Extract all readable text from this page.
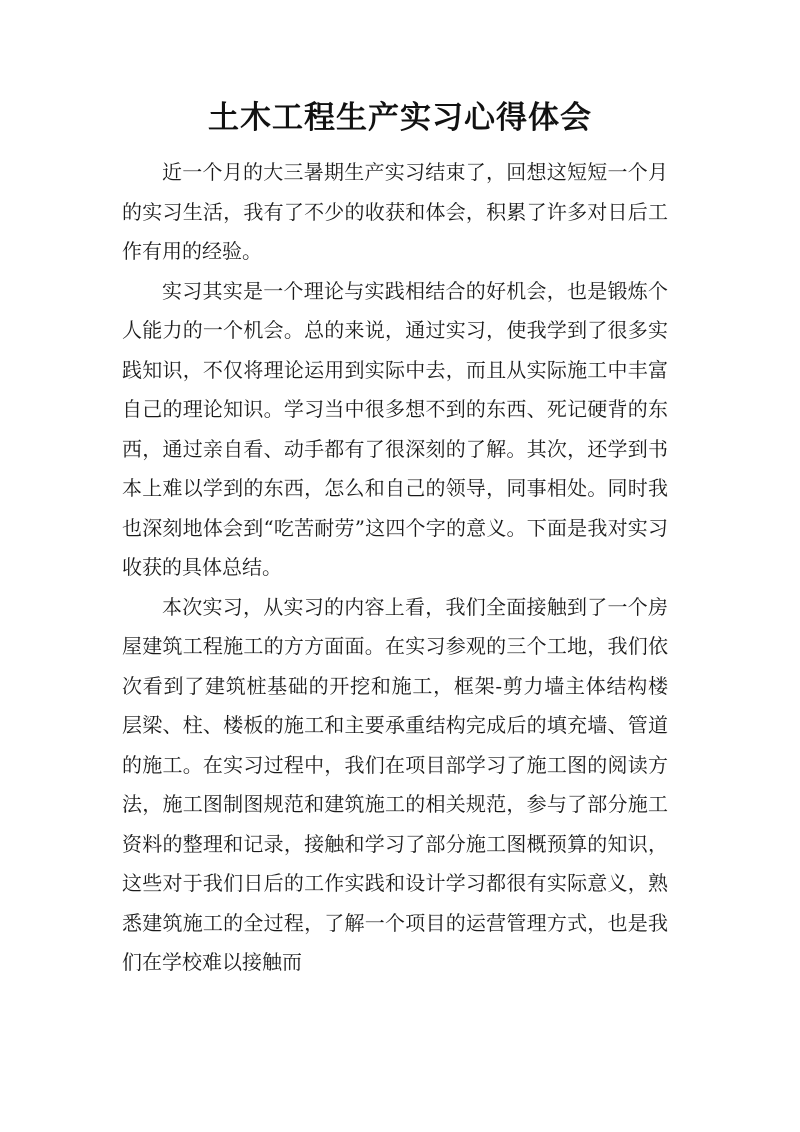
土木工程生产实习心得体会

近一个月的大三暑期生产实习结束了，回想这短短一个月的实习生活，我有了不少的收获和体会，积累了许多对日后工作有用的经验。

实习其实是一个理论与实践相结合的好机会，也是锻炼个人能力的一个机会。总的来说，通过实习，使我学到了很多实践知识，不仅将理论运用到实际中去，而且从实际施工中丰富自己的理论知识。学习当中很多想不到的东西、死记硬背的东西，通过亲自看、动手都有了很深刻的了解。其次，还学到书本上难以学到的东西，怎么和自己的领导，同事相处。同时我也深刻地体会到“吃苦耐劳”这四个字的意义。下面是我对实习收获的具体总结。

本次实习，从实习的内容上看，我们全面接触到了一个房屋建筑工程施工的方方面面。在实习参观的三个工地，我们依次看到了建筑桩基础的开挖和施工，框架-剪力墙主体结构楼层梁、柱、楼板的施工和主要承重结构完成后的填充墙、管道的施工。在实习过程中，我们在项目部学习了施工图的阅读方法，施工图制图规范和建筑施工的相关规范，参与了部分施工资料的整理和记录，接触和学习了部分施工图概预算的知识，这些对于我们日后的工作实践和设计学习都很有实际意义，熟悉建筑施工的全过程，了解一个项目的运营管理方式，也是我们在学校难以接触而
